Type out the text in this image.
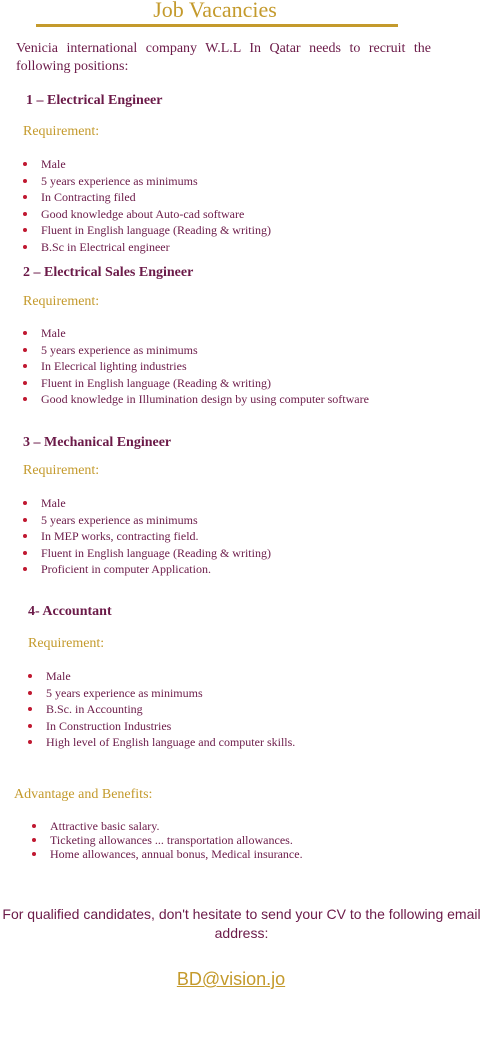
Job Vacancies
Venicia international company W.L.L In Qatar needs to recruit the following positions:
1 – Electrical Engineer
Requirement:
Male
5 years experience as minimums
In Contracting filed
Good knowledge about Auto-cad software
Fluent in English language (Reading & writing)
B.Sc in Electrical engineer
2 – Electrical Sales Engineer
Requirement:
Male
5 years experience as minimums
In Elecrical lighting industries
Fluent in English language (Reading & writing)
Good knowledge in Illumination design by using computer software
3 – Mechanical Engineer
Requirement:
Male
5 years experience as minimums
In MEP works, contracting field.
Fluent in English language (Reading & writing)
Proficient in computer Application.
4- Accountant
Requirement:
Male
5 years experience as minimums
B.Sc. in Accounting
In Construction Industries
High level of English language and computer skills.
Advantage and Benefits:
Attractive basic salary.
Ticketing allowances ... transportation allowances.
Home allowances, annual bonus, Medical insurance.
For qualified candidates, don't hesitate to send your CV to the following email address:
BD@vision.jo
